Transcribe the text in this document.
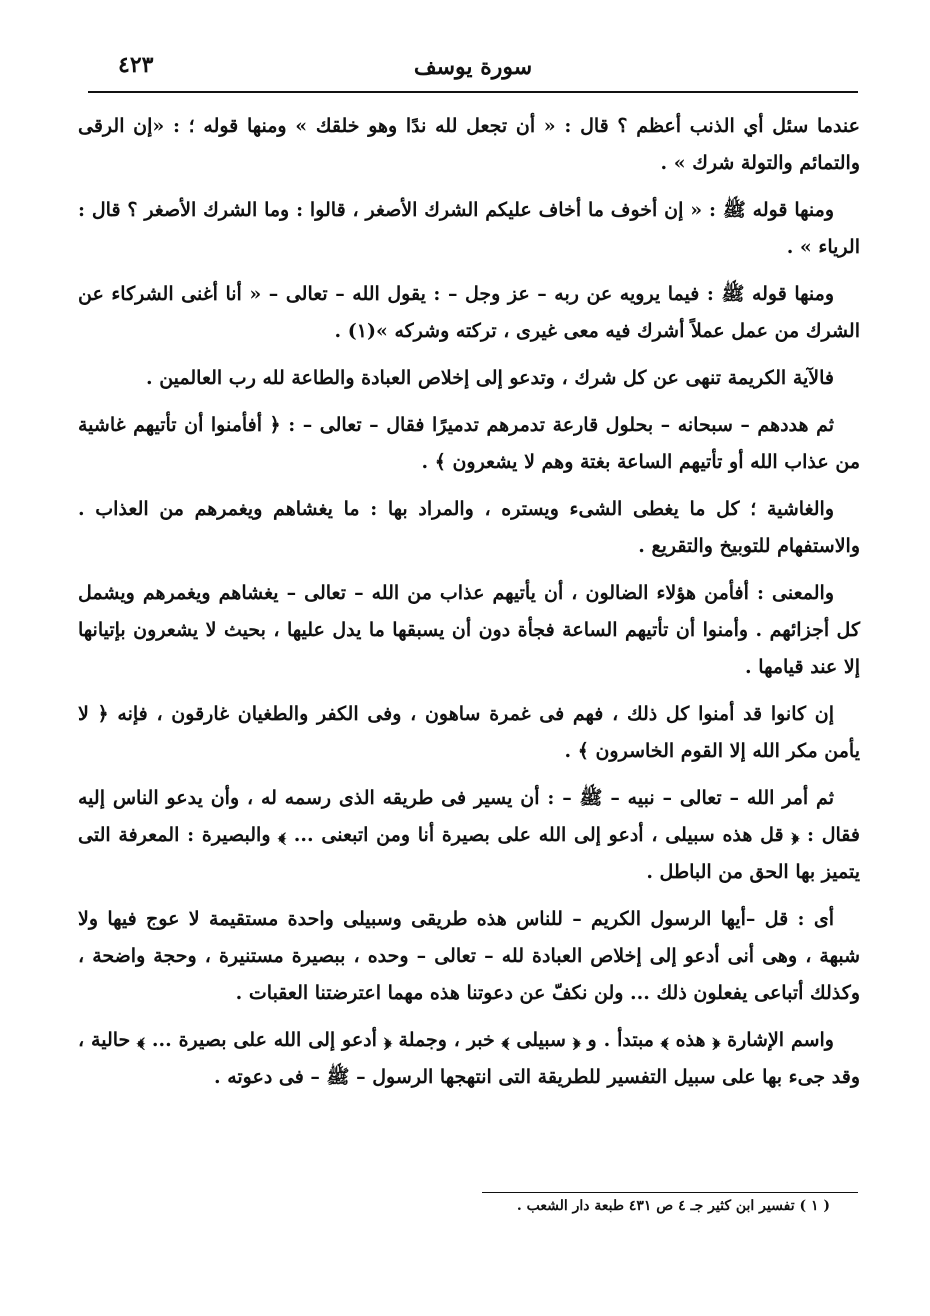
سورة يوسف
٤٢٣

عندما سئل أي الذنب أعظم ؟ قال : « أن تجعل لله ندًا وهو خلقك » ومنها قوله ؛ : «إن الرقى والتمائم والتولة شرك » .

ومنها قوله ﷺ : « إن أخوف ما أخاف عليكم الشرك الأصغر ، قالوا : وما الشرك الأصغر ؟ قال : الرياء » .

ومنها قوله ﷺ : فيما يرويه عن ربه – عز وجل – : يقول الله – تعالى – « أنا أغنى الشركاء عن الشرك من عمل عملاً أشرك فيه معى غيرى ، تركته وشركه »(١) .

فالآية الكريمة تنهى عن كل شرك ، وتدعو إلى إخلاص العبادة والطاعة لله رب العالمين .

ثم هددهم – سبحانه – بحلول قارعة تدمرهم تدميرًا فقال – تعالى – : ﴿ أفأمنوا أن تأتيهم غاشية من عذاب الله أو تأتيهم الساعة بغتة وهم لا يشعرون ﴾ .

والغاشية ؛ كل ما يغطى الشىء ويستره ، والمراد بها : ما يغشاهم ويغمرهم من العذاب . والاستفهام للتوبيخ والتقريع .

والمعنى : أفأمن هؤلاء الضالون ، أن يأتيهم عذاب من الله – تعالى – يغشاهم ويغمرهم ويشمل كل أجزائهم . وأمنوا أن تأتيهم الساعة فجأة دون أن يسبقها ما يدل عليها ، بحيث لا يشعرون بإتيانها إلا عند قيامها .

إن كانوا قد أمنوا كل ذلك ، فهم فى غمرة ساهون ، وفى الكفر والطغيان غارقون ، فإنه ﴿ لا يأمن مكر الله إلا القوم الخاسرون ﴾ .

ثم أمر الله – تعالى – نبيه – ﷺ – : أن يسير فى طريقه الذى رسمه له ، وأن يدعو الناس إليه فقال : ﴿ قل هذه سبيلى ، أدعو إلى الله على بصيرة أنا ومن اتبعنى ... ﴾ والبصيرة : المعرفة التى يتميز بها الحق من الباطل .

أى : قل –أيها الرسول الكريم – للناس هذه طريقى وسبيلى واحدة مستقيمة لا عوج فيها ولا شبهة ، وهى أنى أدعو إلى إخلاص العبادة لله – تعالى – وحده ، ببصيرة مستنيرة ، وحجة واضحة ، وكذلك أتباعى يفعلون ذلك ... ولن نكفّ عن دعوتنا هذه مهما اعترضتنا العقبات .

واسم الإشارة ﴿ هذه ﴾ مبتدأ . و ﴿ سبيلى ﴾ خبر ، وجملة ﴿ أدعو إلى الله على بصيرة ... ﴾ حالية ، وقد جىء بها على سبيل التفسير للطريقة التى انتهجها الرسول – ﷺ – فى دعوته .

( ١ ) تفسير ابن كثير جـ ٤ ص ٤٣١ طبعة دار الشعب .
